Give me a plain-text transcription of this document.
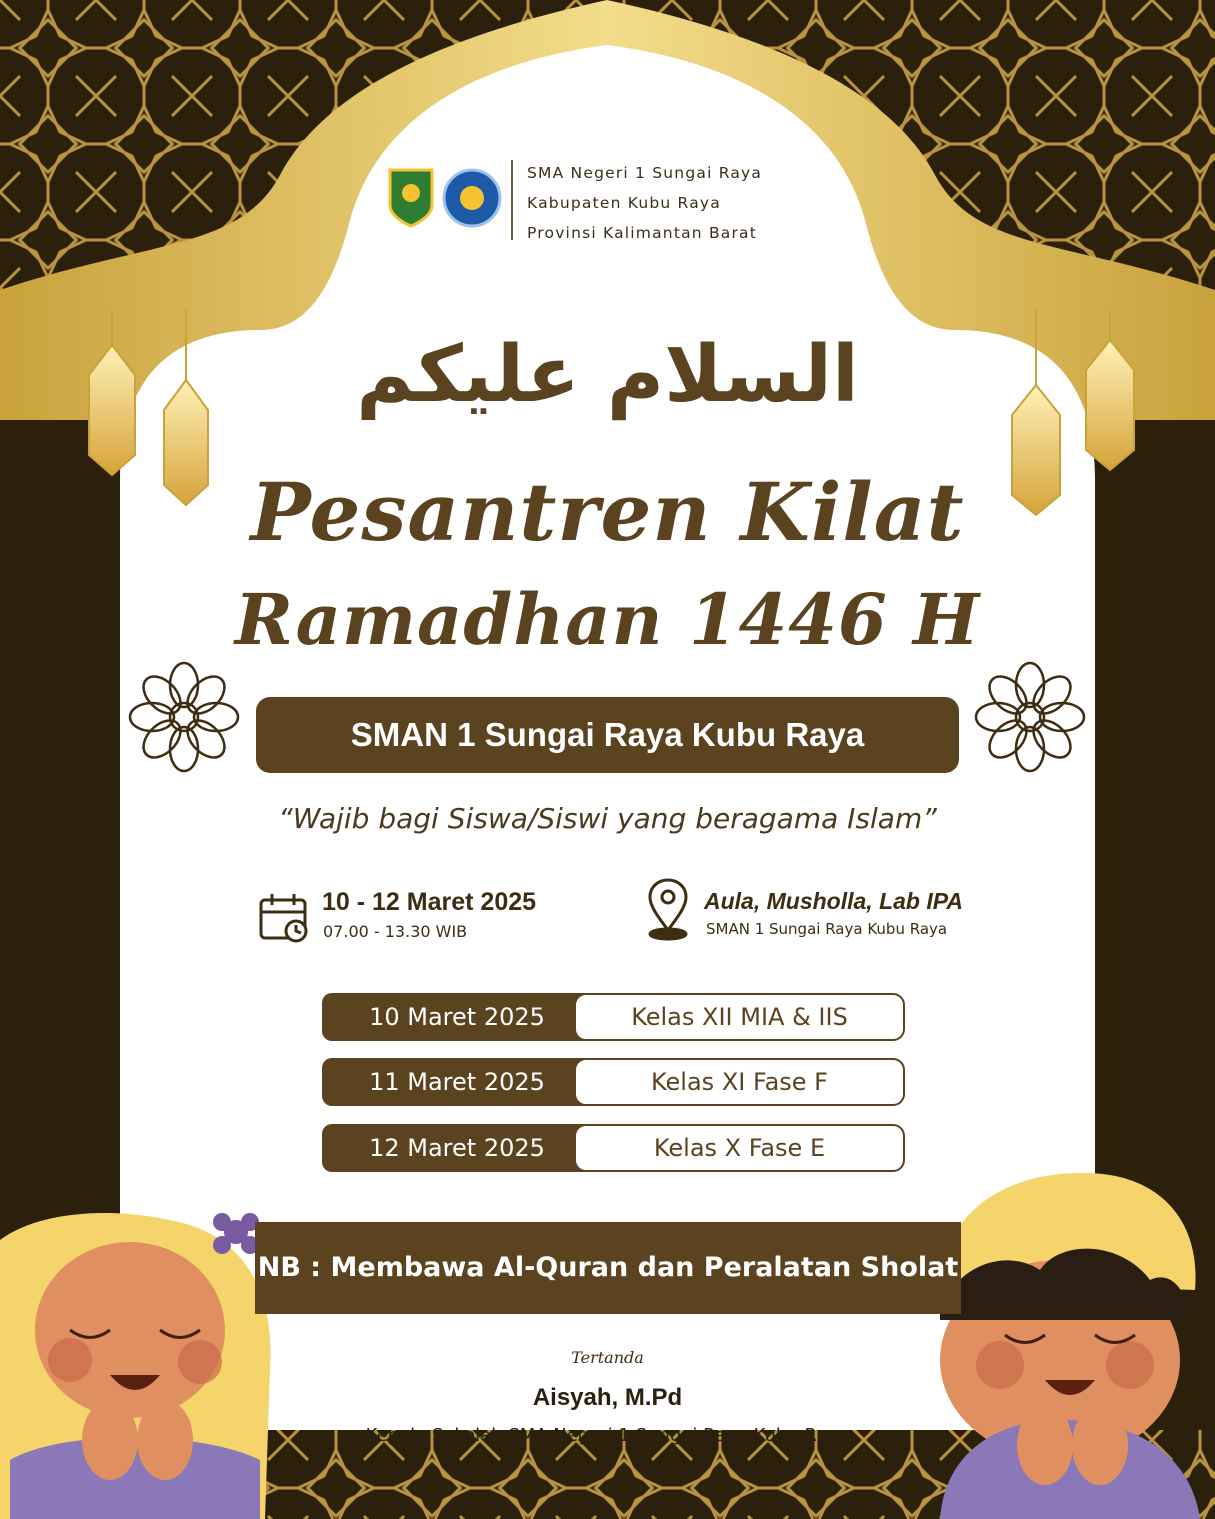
SMA Negeri 1 Sungai Raya
Kabupaten Kubu Raya
Provinsi Kalimantan Barat
السلام عليكم
Pesantren Kilat
Ramadhan 1446 H
SMAN 1 Sungai Raya Kubu Raya
“Wajib bagi Siswa/Siswi yang beragama Islam”
10 - 12 Maret 2025
07.00 - 13.30 WIB
Aula, Musholla, Lab IPA
SMAN 1 Sungai Raya Kubu Raya
10 Maret 2025	Kelas XII MIA & IIS
11 Maret 2025	Kelas XI Fase F
12 Maret 2025	Kelas X Fase E
NB : Membawa Al-Quran dan Peralatan Sholat
Tertanda
Aisyah, M.Pd
Kepala Sekolah SMA Negeri 1 Sungai Raya Kubu Raya
